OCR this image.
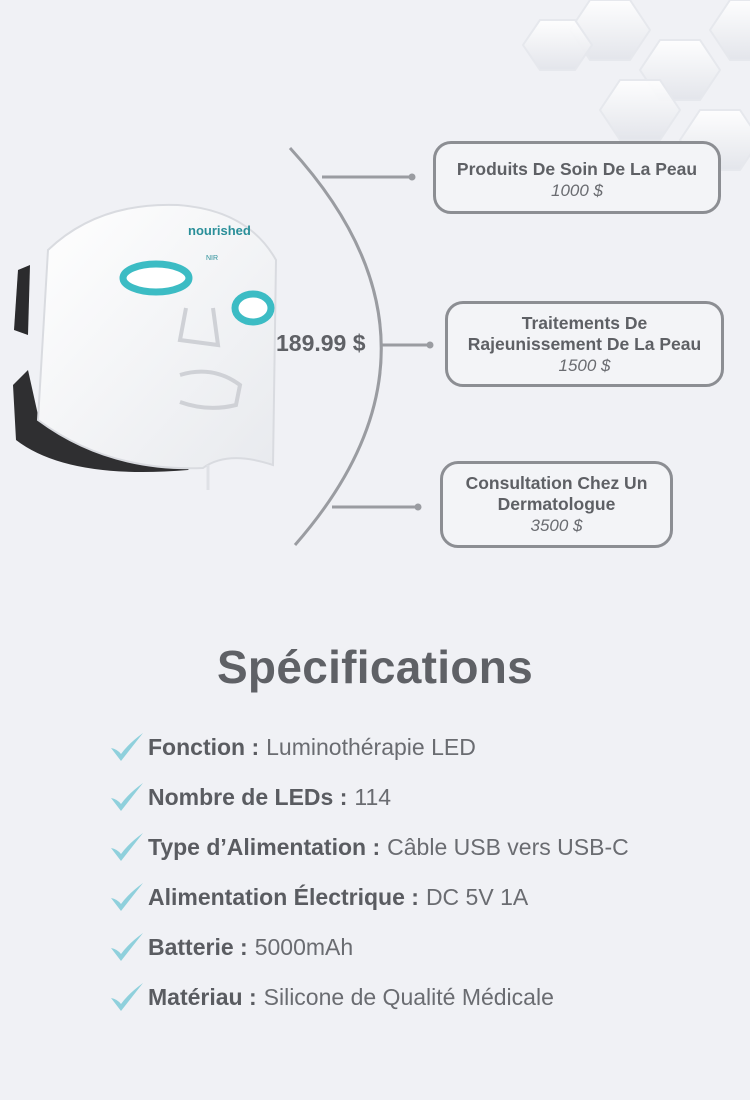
nourished
NIR
189.99 $
Produits De Soin De La Peau
1000 $
Traitements De
Rajeunissement De La Peau
1500 $
Consultation Chez Un
Dermatologue
3500 $
Spécifications
Fonction : Luminothérapie LED
Nombre de LEDs : 114
Type d’Alimentation : Câble USB vers USB-C
Alimentation Électrique : DC 5V 1A
Batterie : 5000mAh
Matériau : Silicone de Qualité Médicale
